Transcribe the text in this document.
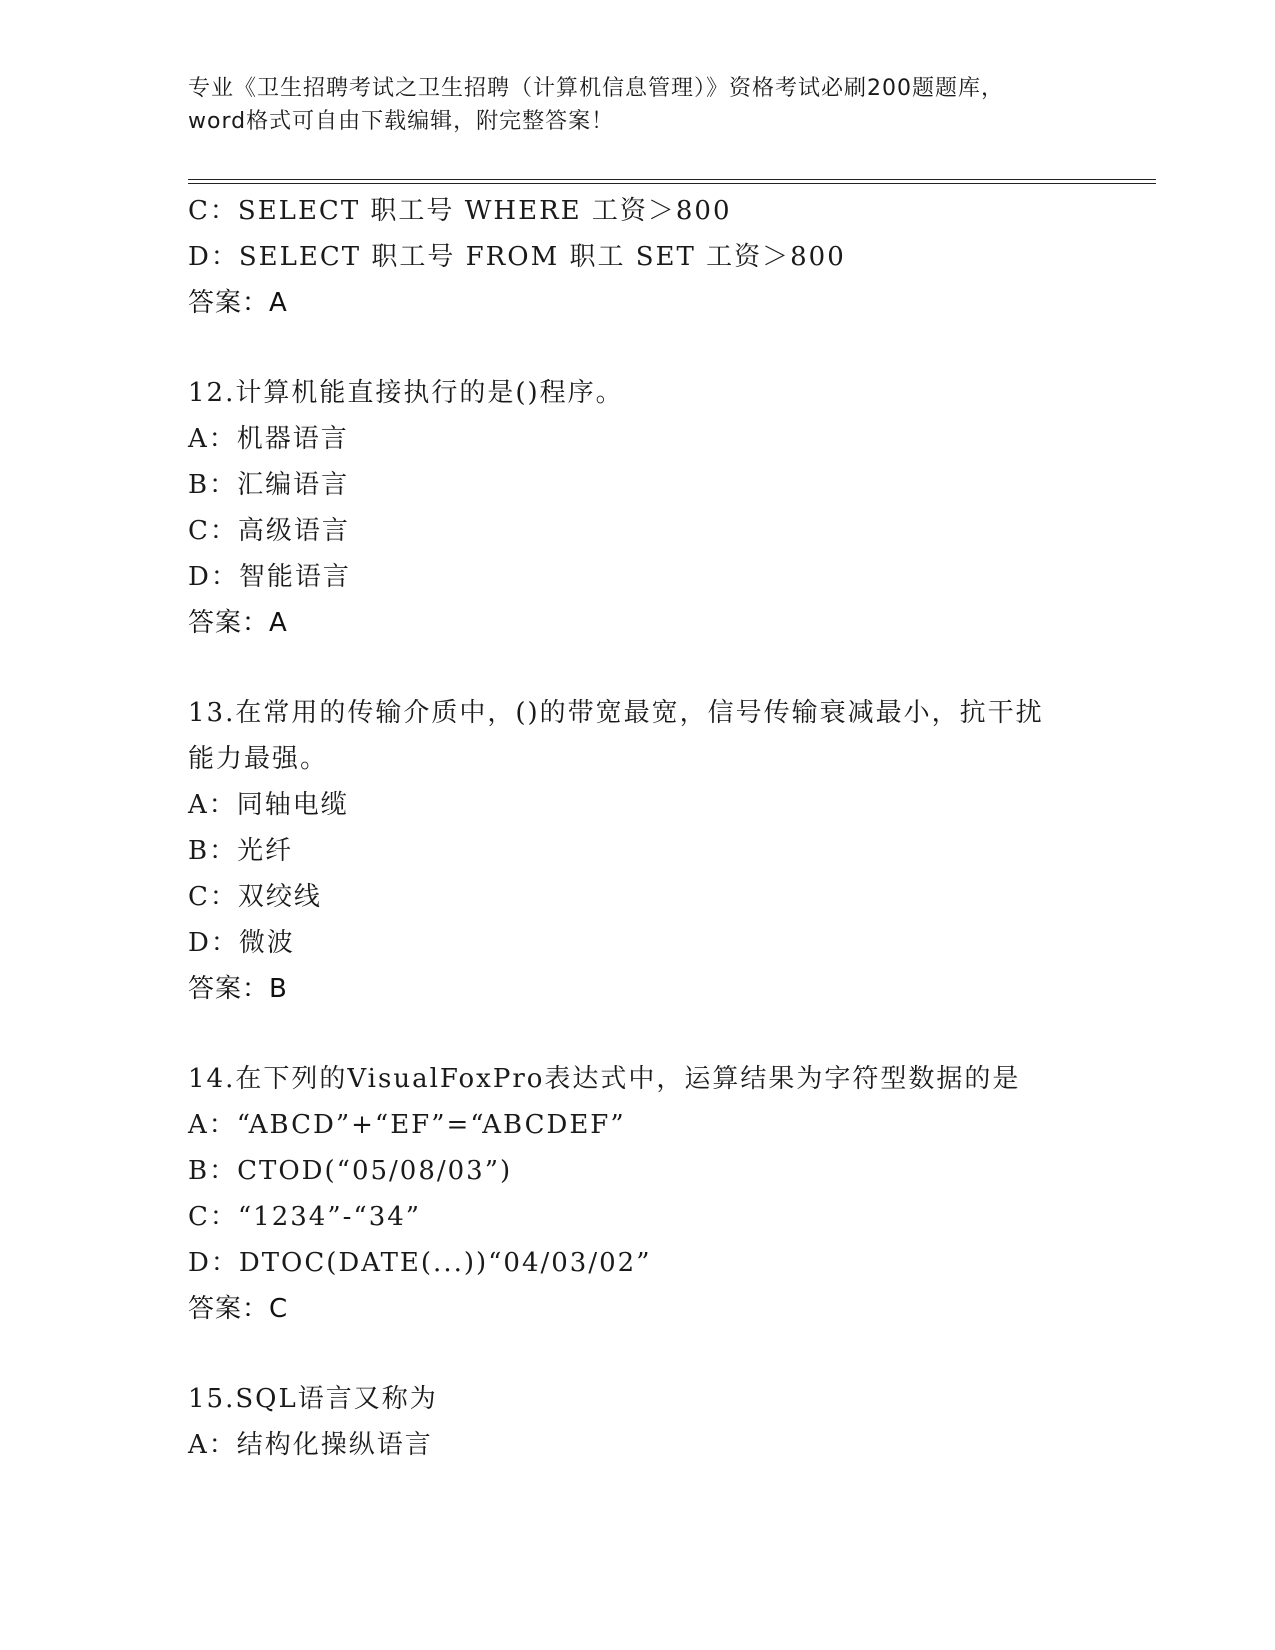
专业《卫生招聘考试之卫生招聘（计算机信息管理）》资格考试必刷200题题库，
word格式可自由下载编辑，附完整答案！
C：SELECT 职工号 WHERE 工资＞800
D：SELECT 职工号 FROM 职工 SET 工资＞800
答案：A
12.计算机能直接执行的是()程序。
A：机器语言
B：汇编语言
C：高级语言
D：智能语言
答案：A
13.在常用的传输介质中，()的带宽最宽，信号传输衰减最小，抗干扰
能力最强。
A：同轴电缆
B：光纤
C：双绞线
D：微波
答案：B
14.在下列的VisualFoxPro表达式中，运算结果为字符型数据的是
A：“ABCD”+“EF”=“ABCDEF”
B：CTOD(“05/08/03”)
C：“1234”-“34”
D：DTOC(DATE(...))“04/03/02”
答案：C
15.SQL语言又称为
A：结构化操纵语言
